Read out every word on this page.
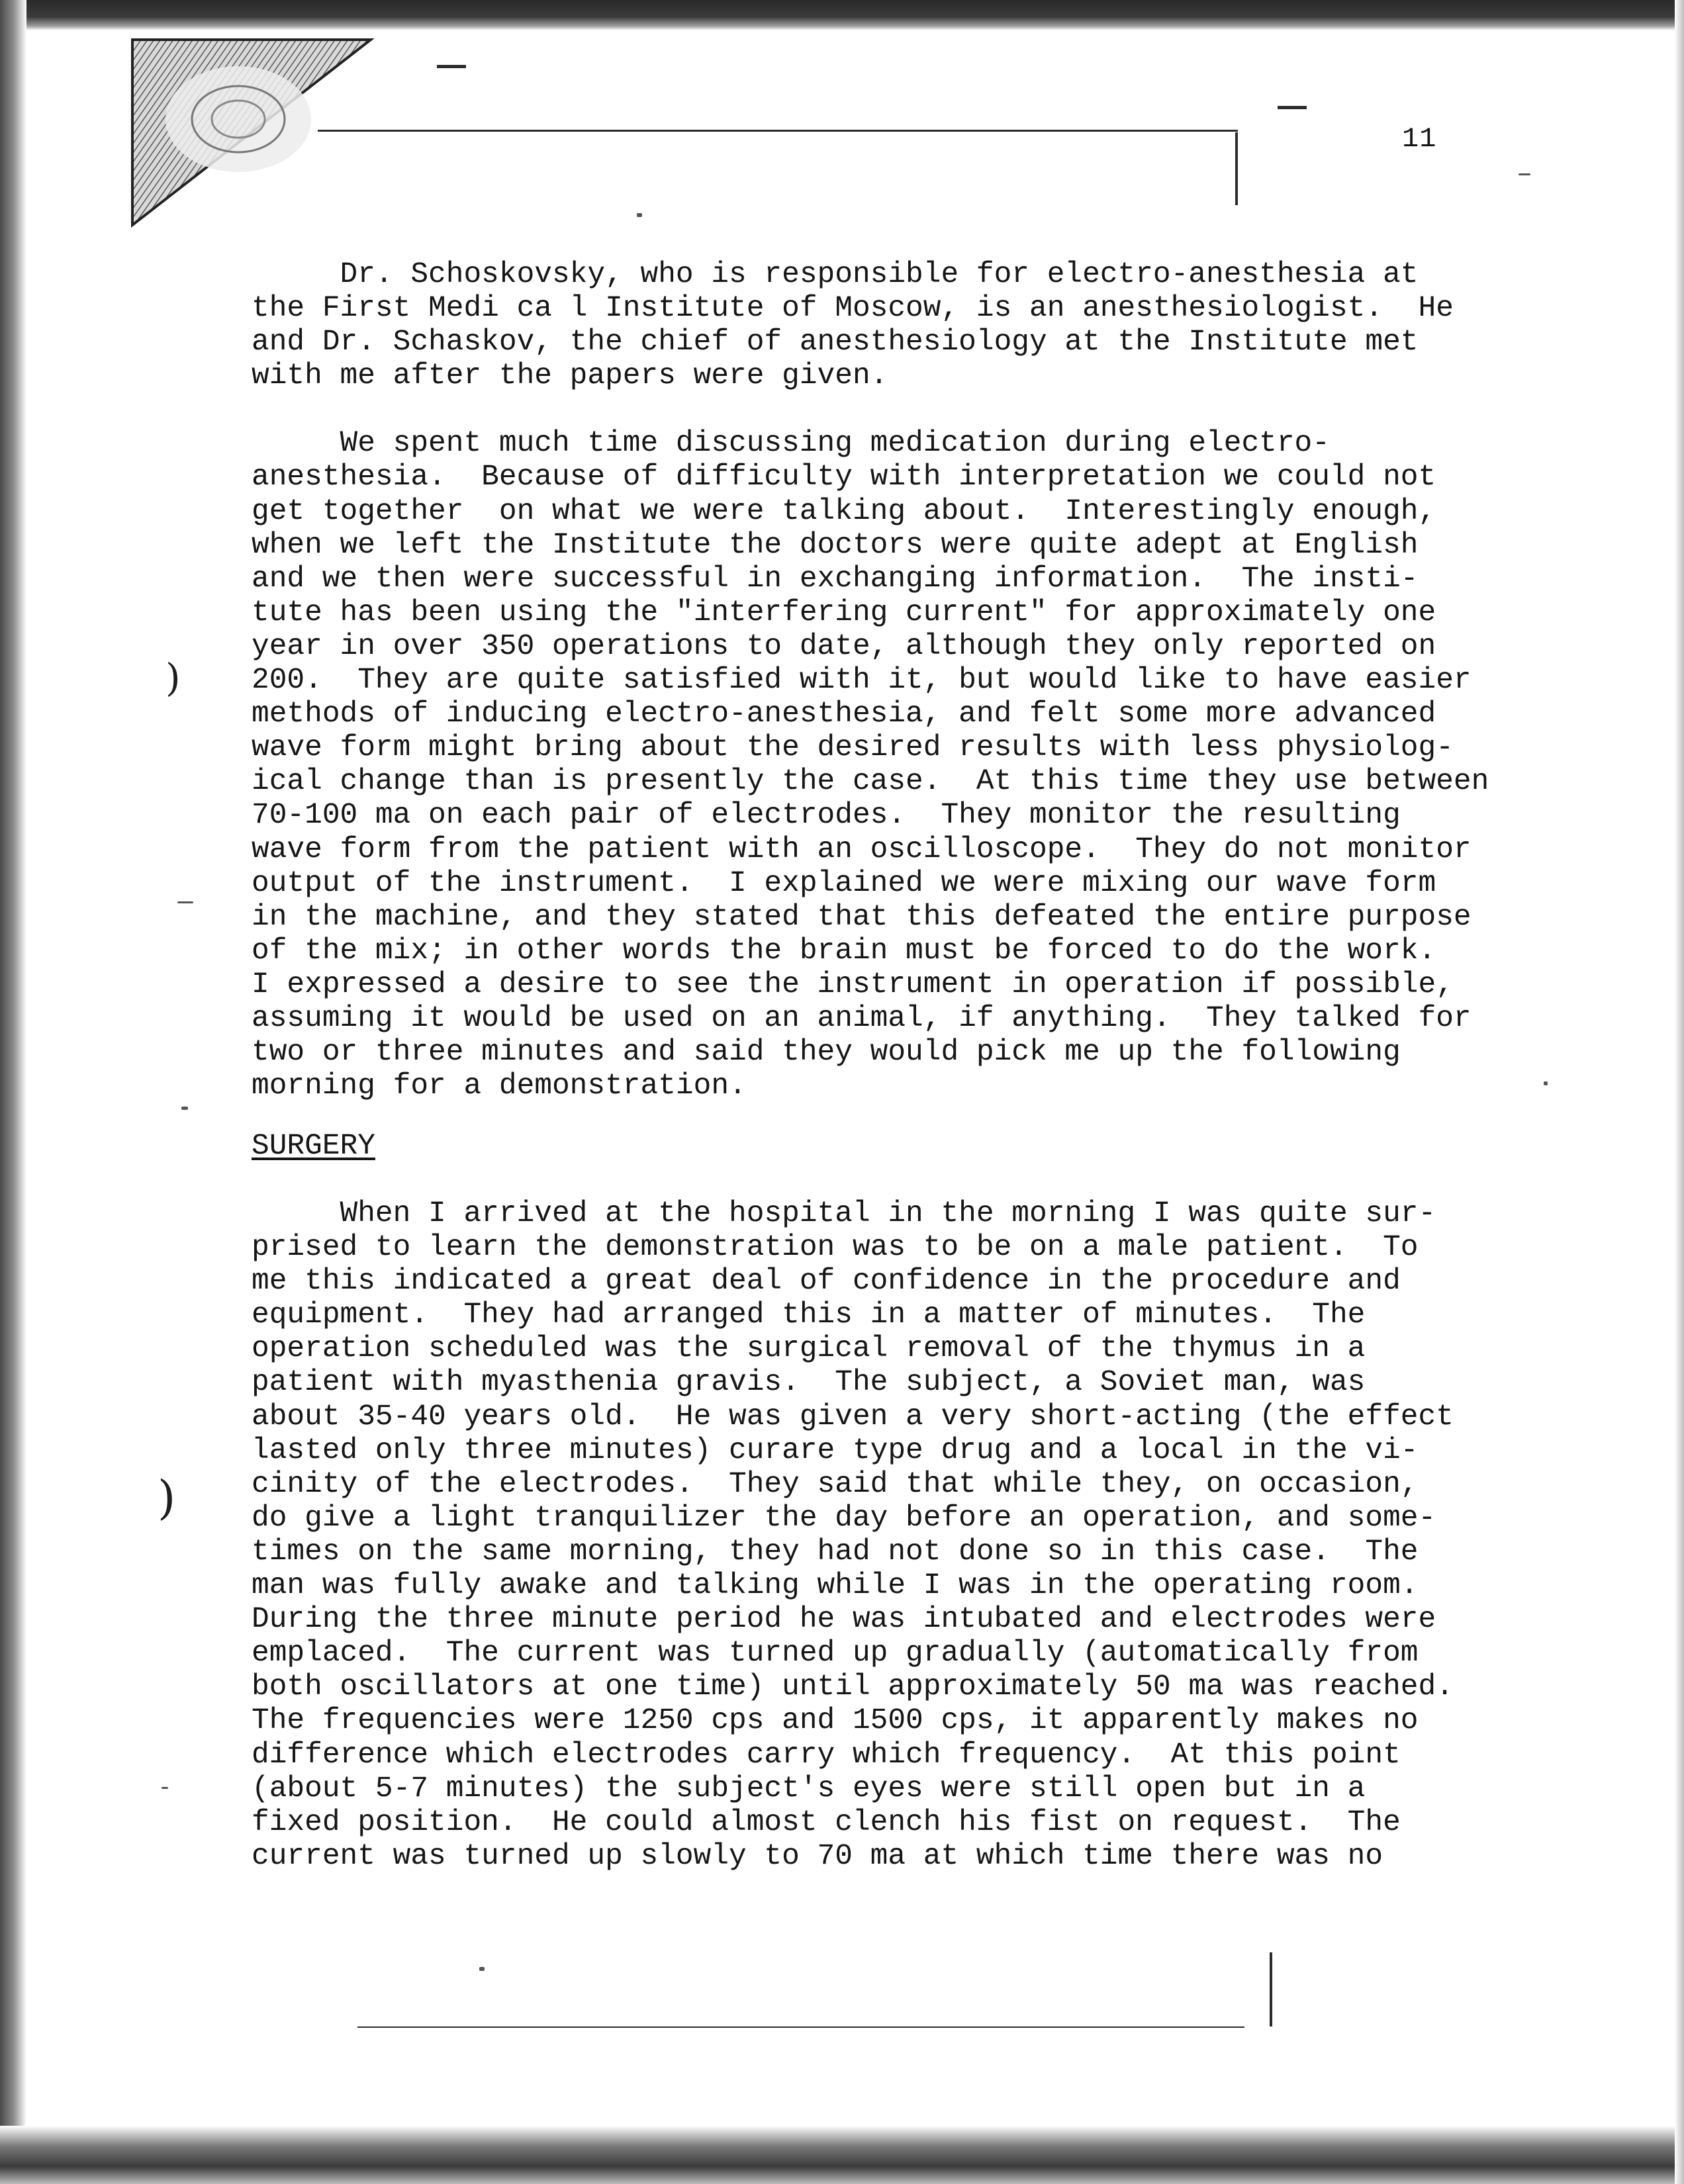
11
Dr. Schoskovsky, who is responsible for electro-anesthesia at
the First Medi ca l Institute of Moscow, is an anesthesiologist.  He
and Dr. Schaskov, the chief of anesthesiology at the Institute met
with me after the papers were given.
We spent much time discussing medication during electro-
anesthesia.  Because of difficulty with interpretation we could not
get together  on what we were talking about.  Interestingly enough,
when we left the Institute the doctors were quite adept at English
and we then were successful in exchanging information.  The insti-
tute has been using the "interfering current" for approximately one
year in over 350 operations to date, although they only reported on
200.  They are quite satisfied with it, but would like to have easier
methods of inducing electro-anesthesia, and felt some more advanced
wave form might bring about the desired results with less physiolog-
ical change than is presently the case.  At this time they use between
70-100 ma on each pair of electrodes.  They monitor the resulting
wave form from the patient with an oscilloscope.  They do not monitor
output of the instrument.  I explained we were mixing our wave form
in the machine, and they stated that this defeated the entire purpose
of the mix; in other words the brain must be forced to do the work.
I expressed a desire to see the instrument in operation if possible,
assuming it would be used on an animal, if anything.  They talked for
two or three minutes and said they would pick me up the following
morning for a demonstration.
SURGERY
When I arrived at the hospital in the morning I was quite sur-
prised to learn the demonstration was to be on a male patient.  To
me this indicated a great deal of confidence in the procedure and
equipment.  They had arranged this in a matter of minutes.  The
operation scheduled was the surgical removal of the thymus in a
patient with myasthenia gravis.  The subject, a Soviet man, was
about 35-40 years old.  He was given a very short-acting (the effect
lasted only three minutes) curare type drug and a local in the vi-
cinity of the electrodes.  They said that while they, on occasion,
do give a light tranquilizer the day before an operation, and some-
times on the same morning, they had not done so in this case.  The
man was fully awake and talking while I was in the operating room.
During the three minute period he was intubated and electrodes were
emplaced.  The current was turned up gradually (automatically from
both oscillators at one time) until approximately 50 ma was reached.
The frequencies were 1250 cps and 1500 cps, it apparently makes no
difference which electrodes carry which frequency.  At this point
(about 5-7 minutes) the subject's eyes were still open but in a
fixed position.  He could almost clench his fist on request.  The
current was turned up slowly to 70 ma at which time there was no
)
)
